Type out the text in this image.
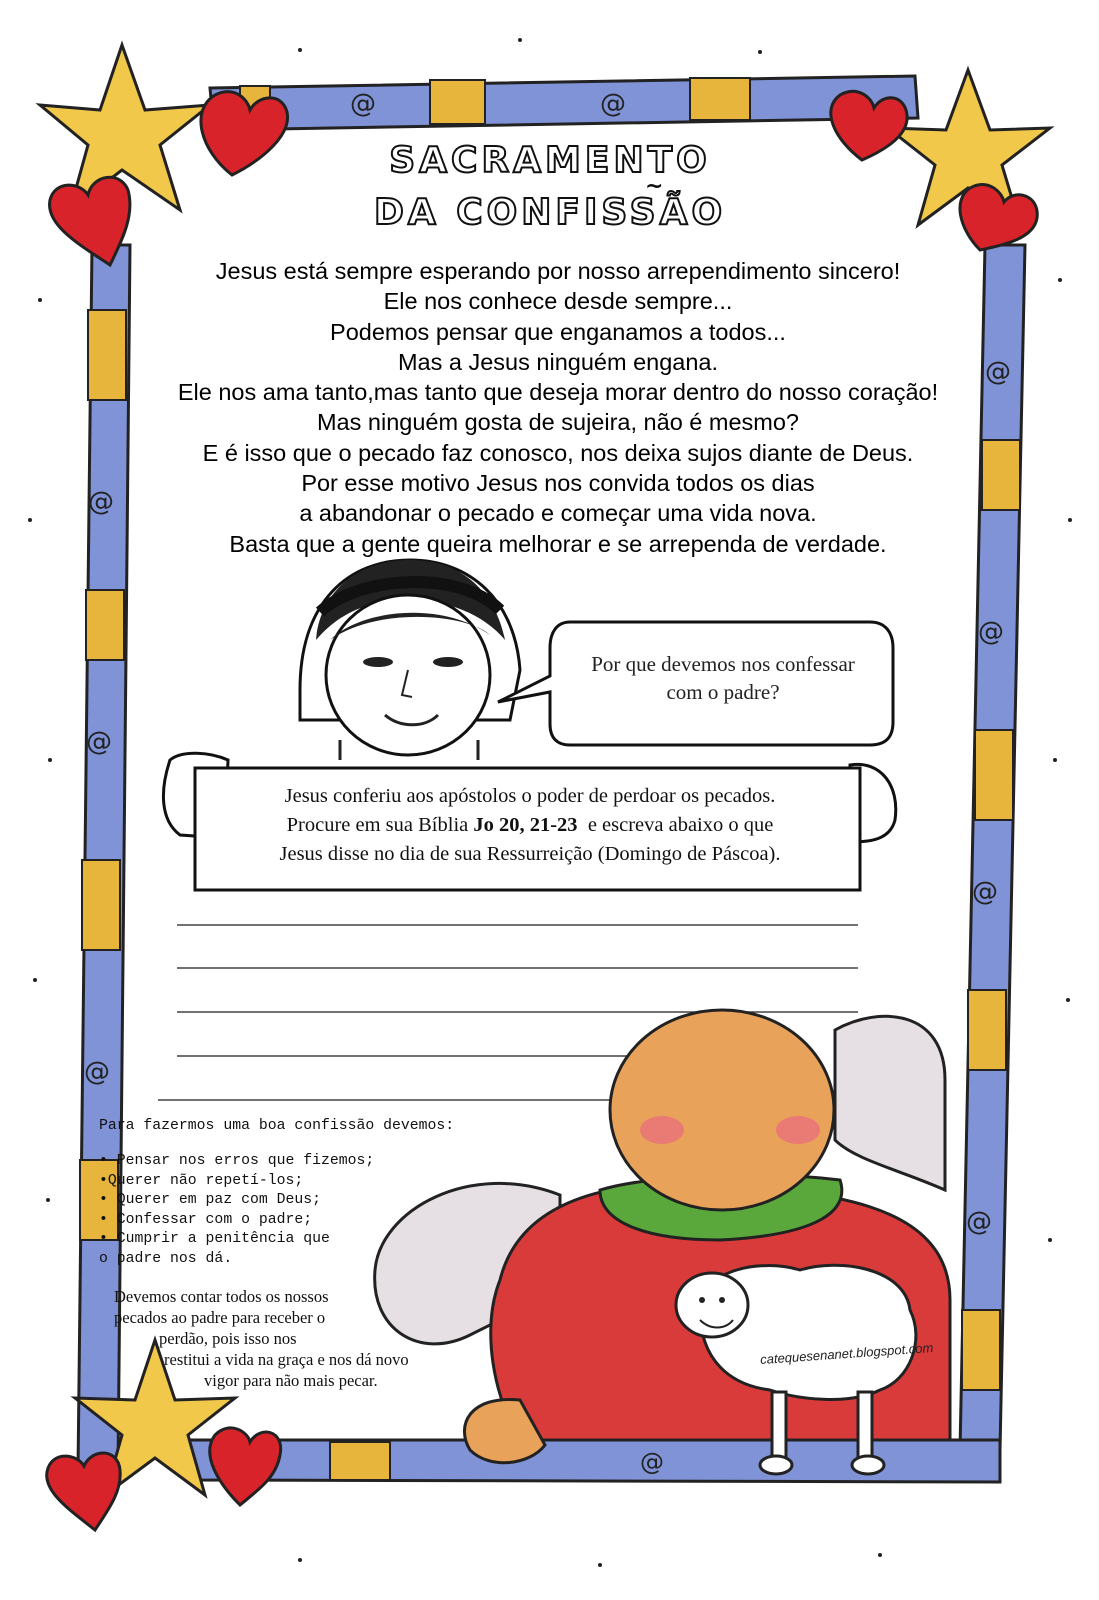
@	@
@
@
@
@
@
@
@
@
SACRAMENTO
~
DA CONFISSÃO
Jesus está sempre esperando por nosso arrependimento sincero!
Ele nos conhece desde sempre...
Podemos pensar que enganamos a todos...
Mas a Jesus ninguém engana.
Ele nos ama tanto,mas tanto que deseja morar dentro do nosso coração!
Mas ninguém gosta de sujeira, não é mesmo?
E é isso que o pecado faz conosco, nos deixa sujos diante de Deus.
Por esse motivo Jesus nos convida todos os dias
a abandonar o pecado e começar uma vida nova.
Basta que a gente queira melhorar e se arrependa de verdade.
Por que devemos nos confessar
com o padre?
Jesus conferiu aos apóstolos o poder de perdoar os pecados.
Procure em sua Bíblia Jo 20, 21-23  e escreva abaixo o que
Jesus disse no dia de sua Ressurreição (Domingo de Páscoa).
Para fazermos uma boa confissão devemos:
• Pensar nos erros que fizemos;
•Querer não repetí-los;
• Querer em paz com Deus;
• Confessar com o padre;
• Cumprir a penitência que
o padre nos dá.
Devemos contar todos os nossos
pecados ao padre para receber o
perdão, pois isso nos
restitui a vida na graça e nos dá novo
vigor para não mais pecar.
catequesenanet.blogspot.com
